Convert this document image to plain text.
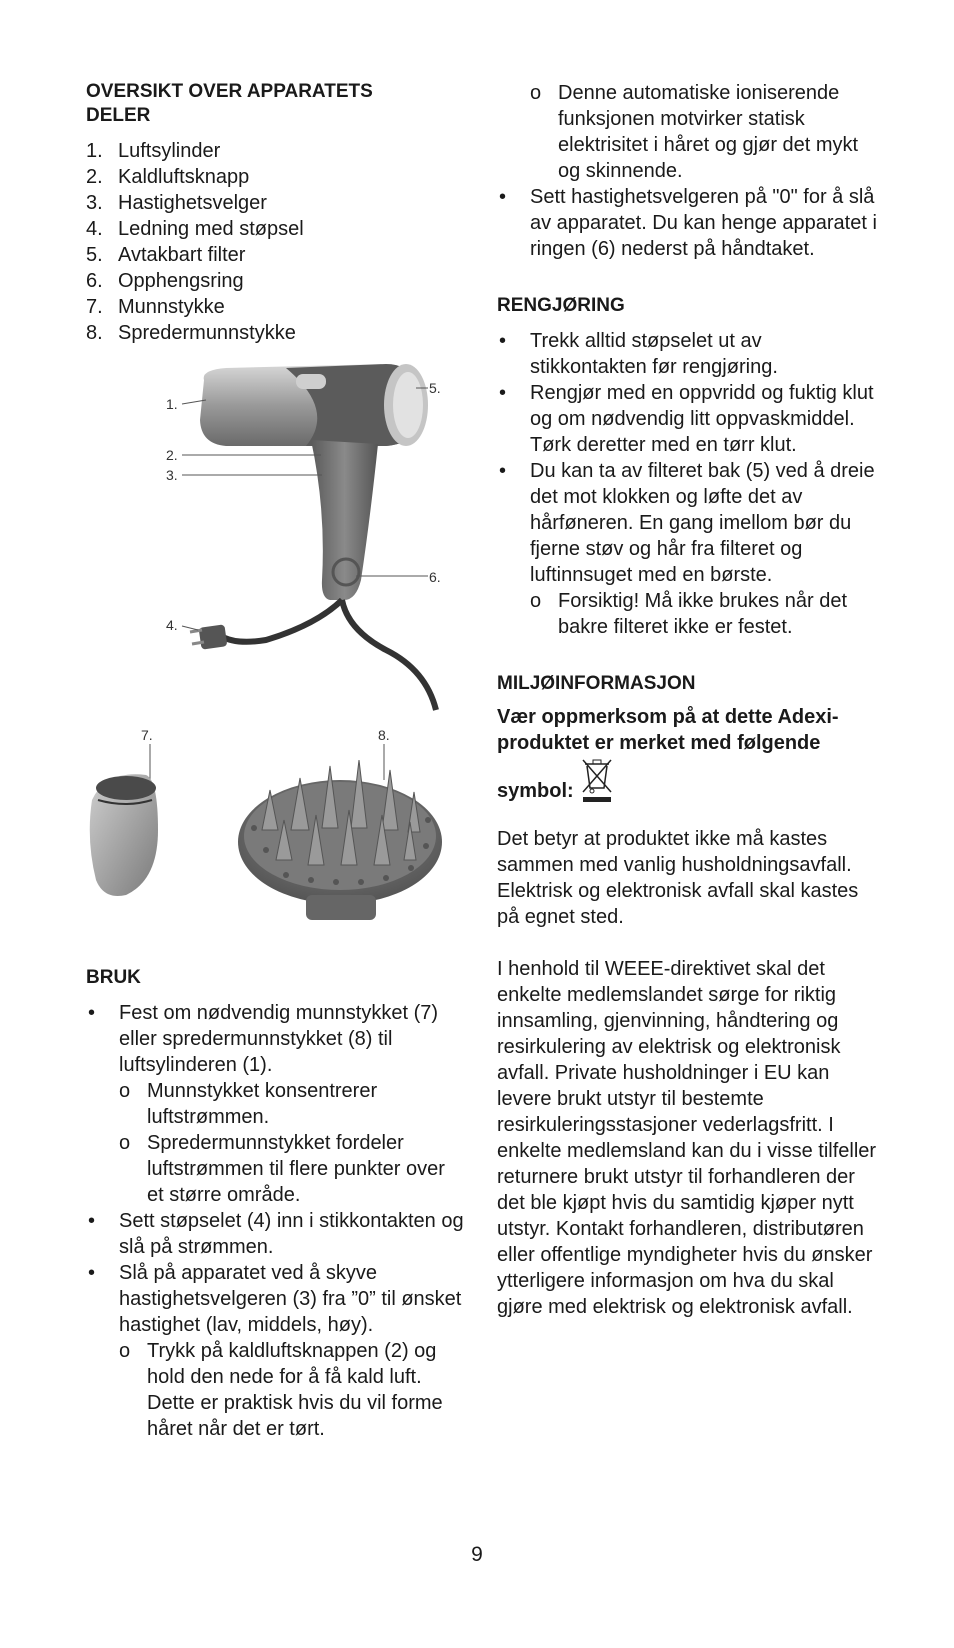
OVERSIKT OVER APPARATETS
DELER
1. Luftsylinder
2. Kaldluftsknapp
3. Hastighetsvelger
4. Ledning med støpsel
5. Avtakbart filter
6. Opphengsring
7. Munnstykke
8. Spredermunnstykke
1.
2.
3.
5.
6.
4.
7.	8.
BRUK
• Fest om nødvendig munnstykket (7) eller spredermunnstykket (8) til luftsylinderen (1).
o Munnstykket konsentrerer luftstrømmen.
o Spredermunnstykket fordeler luftstrømmen til flere punkter over et større område.
• Sett støpselet (4) inn i stikkontakten og slå på strømmen.
• Slå på apparatet ved å skyve hastighetsvelgeren (3) fra ”0” til ønsket hastighet (lav, middels, høy).
o Trykk på kaldluftsknappen (2) og hold den nede for å få kald luft. Dette er praktisk hvis du vil forme håret når det er tørt.
o Denne automatiske ioniserende funksjonen motvirker statisk elektrisitet i håret og gjør det mykt og skinnende.
• Sett hastighetsvelgeren på "0" for å slå av apparatet. Du kan henge apparatet i ringen (6) nederst på håndtaket.
RENGJØRING
• Trekk alltid støpselet ut av stikkontakten før rengjøring.
• Rengjør med en oppvridd og fuktig klut og om nødvendig litt oppvaskmiddel. Tørk deretter med en tørr klut.
• Du kan ta av filteret bak (5) ved å dreie det mot klokken og løfte det av hårføneren. En gang imellom bør du fjerne støv og hår fra filteret og luftinnsuget med en børste.
o Forsiktig! Må ikke brukes når det bakre filteret ikke er festet.
MILJØINFORMASJON

Vær oppmerksom på at dette Adexi-produktet er merket med følgende

symbol:

Det betyr at produktet ikke må kastes sammen med vanlig husholdningsavfall. Elektrisk og elektronisk avfall skal kastes på egnet sted.

I henhold til WEEE-direktivet skal det enkelte medlemslandet sørge for riktig innsamling, gjenvinning, håndtering og resirkulering av elektrisk og elektronisk avfall. Private husholdninger i EU kan levere brukt utstyr til bestemte resirkuleringsstasjoner vederlagsfritt. I enkelte medlemsland kan du i visse tilfeller returnere brukt utstyr til forhandleren der det ble kjøpt hvis du samtidig kjøper nytt utstyr. Kontakt forhandleren, distributøren eller offentlige myndigheter hvis du ønsker ytterligere informasjon om hva du skal gjøre med elektrisk og elektronisk avfall.

9
